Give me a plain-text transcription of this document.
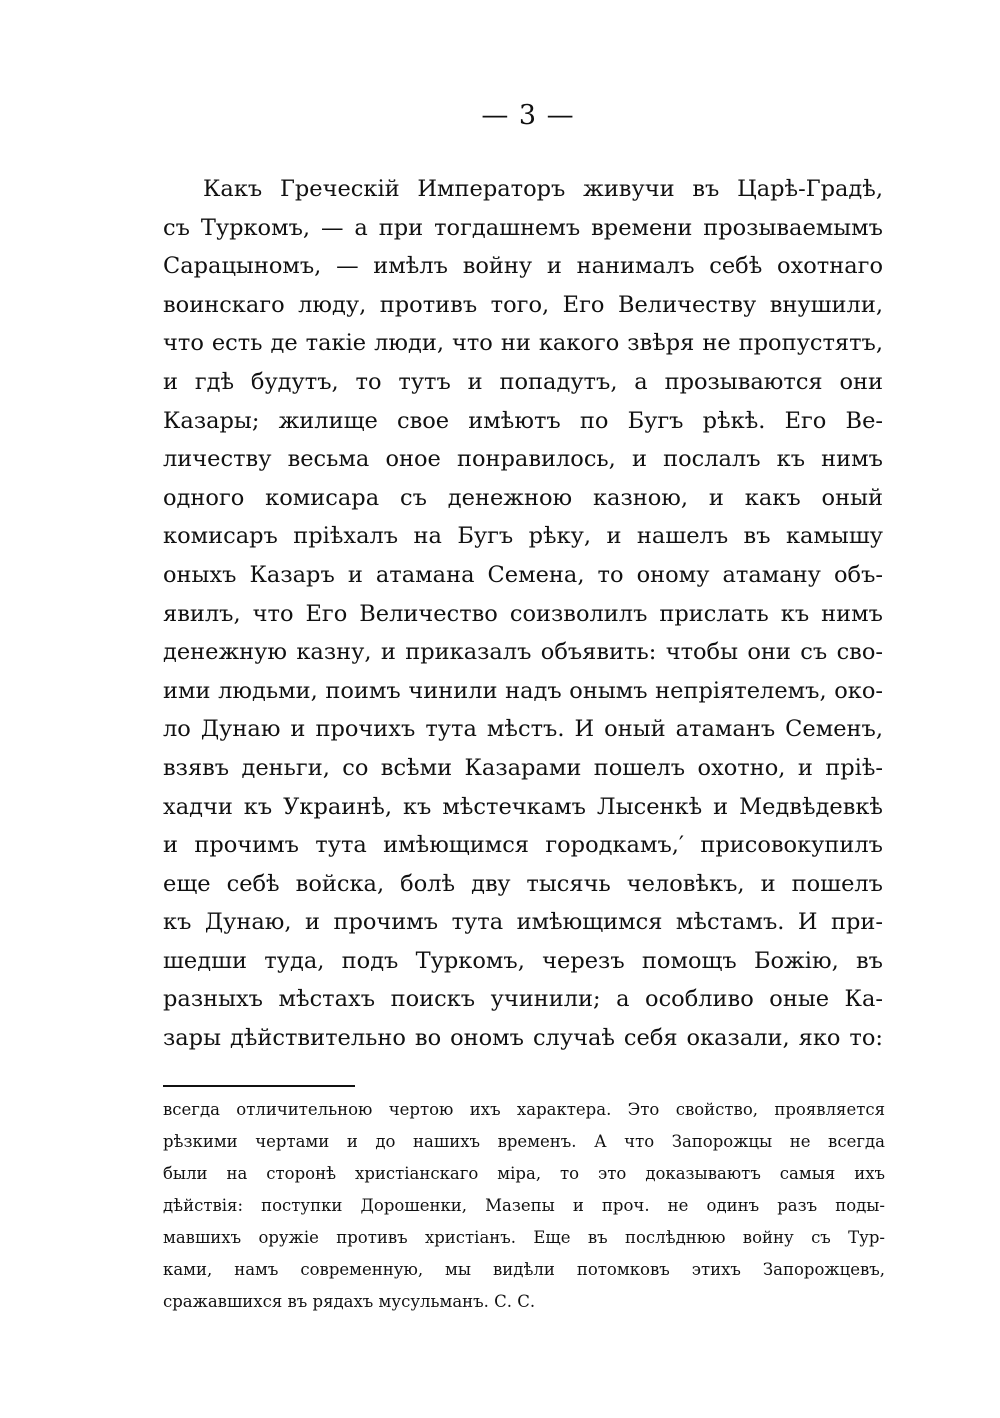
— 3 —
Какъ Греческiй Императоръ живучи въ Царѣ-Градѣ,
съ Туркомъ, — а при тогдашнемъ времени прозываемымъ
Сарацыномъ, — имѣлъ войну и нанималъ себѣ охотнаго
воинскаго люду, противъ того, Его Величеству внушили,
что есть де такiе люди, что ни какого звѣря не пропустятъ,
и гдѣ будутъ, то тутъ и попадутъ, а прозываются они
Казары; жилище свое имѣютъ по Бугъ рѣкѣ. Его Ве-
личеству весьма оное понравилось, и послалъ къ нимъ
одного комисара съ денежною казною, и какъ оный
комисаръ прiѣхалъ на Бугъ рѣку, и нашелъ въ камышу
оныхъ Казаръ и атамана Семена, то оному атаману объ-
явилъ, что Его Величество соизволилъ прислать къ нимъ
денежную казну, и приказалъ объявить: чтобы они съ сво-
ими людьми, поимъ чинили надъ онымъ непрiятелемъ, око-
ло Дунаю и прочихъ тута мѣстъ. И оный атаманъ Семенъ,
взявъ деньги, со всѣми Казарами пошелъ охотно, и прiѣ-
хадчи къ Украинѣ, къ мѣстечкамъ Лысенкѣ и Медвѣдевкѣ
и прочимъ тута имѣющимся городкамъ,′ присовокупилъ
еще себѣ войска, болѣ двy тысячь человѣкъ, и пошелъ
къ Дунаю, и прочимъ тута имѣющимся мѣстамъ. И при-
шедши туда, подъ Туркомъ, черезъ помощъ Божiю, въ
разныхъ мѣстахъ поискъ учинили; а особливо оные Ка-
зары дѣйствительно во ономъ случаѣ себя оказали, яко то:
всегда отличительною чертою ихъ характера. Это свойство, проявляется
рѣзкими чертами и до нашихъ временъ. А что Запорожцы не всегда
были на сторонѣ христiанскаго мiра, то это доказываютъ самыя ихъ
дѣйствiя: поступки Дорошенки, Мазепы и проч. не одинъ разъ поды-
мавшихъ оружiе противъ христiанъ. Еще въ послѣднюю войну съ Тур-
ками, намъ современную, мы видѣли потомковъ этихъ Запорожцевъ,
сражавшихся въ рядахъ мусульманъ. С. С.
